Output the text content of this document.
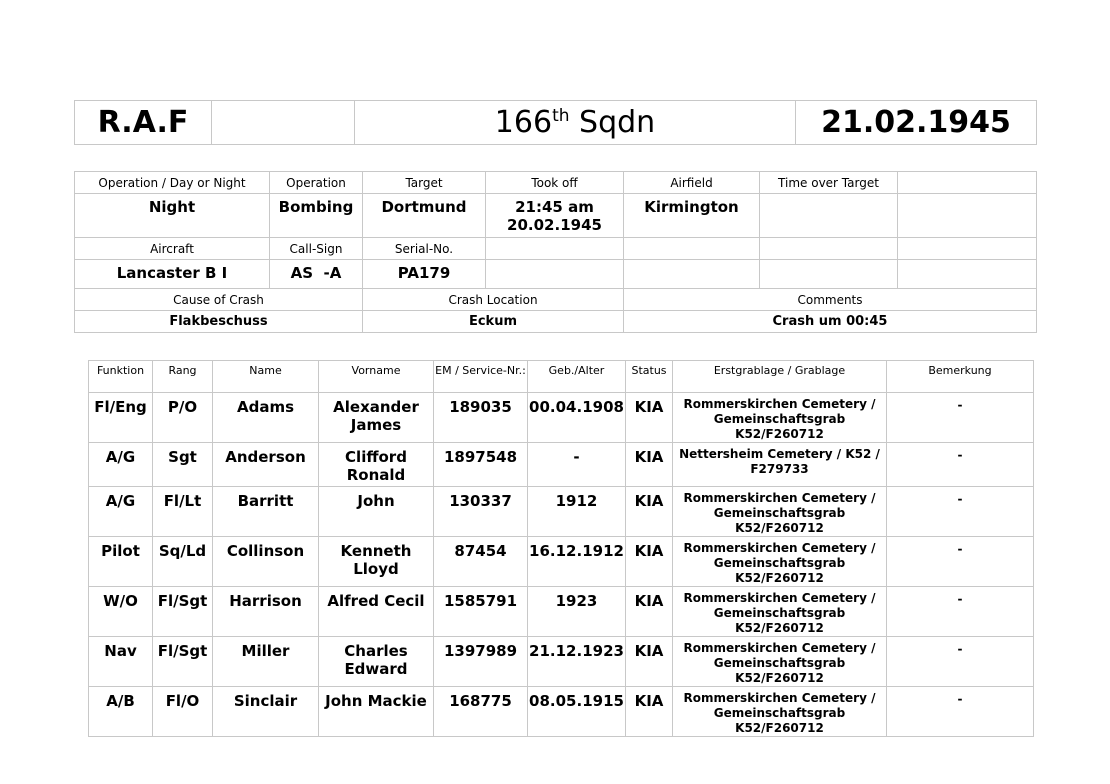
R.A.F		166th Sqdn	21.02.1945
Operation / Day or Night	Operation	Target	Took off	Airfield	Time over Target	
Night	Bombing	Dortmund	21:45 am 20.02.1945	Kirmington		
Aircraft	Call-Sign	Serial-No.				
Lancaster B I	AS  -A	PA179				
Cause of Crash		Crash Location		Comments		
Flakbeschuss		Eckum		Crash um 00:45		
Funktion	Rang	Name	Vorname	EM / Service-Nr.:	Geb./Alter	Status	Erstgrablage / Grablage	Bemerkung
Fl/Eng	P/O	Adams	Alexander James	189035	00.04.1908	KIA	Rommerskirchen Cemetery / Gemeinschaftsgrab K52/F260712	-
A/G	Sgt	Anderson	Clifford Ronald	1897548	-	KIA	Nettersheim Cemetery / K52 / F279733	-
A/G	Fl/Lt	Barritt	John	130337	1912	KIA	Rommerskirchen Cemetery / Gemeinschaftsgrab K52/F260712	-
Pilot	Sq/Ld	Collinson	Kenneth Lloyd	87454	16.12.1912	KIA	Rommerskirchen Cemetery / Gemeinschaftsgrab K52/F260712	-
W/O	Fl/Sgt	Harrison	Alfred Cecil	1585791	1923	KIA	Rommerskirchen Cemetery / Gemeinschaftsgrab K52/F260712	-
Nav	Fl/Sgt	Miller	Charles Edward	1397989	21.12.1923	KIA	Rommerskirchen Cemetery / Gemeinschaftsgrab K52/F260712	-
A/B	Fl/O	Sinclair	John Mackie	168775	08.05.1915	KIA	Rommerskirchen Cemetery / Gemeinschaftsgrab K52/F260712	-
